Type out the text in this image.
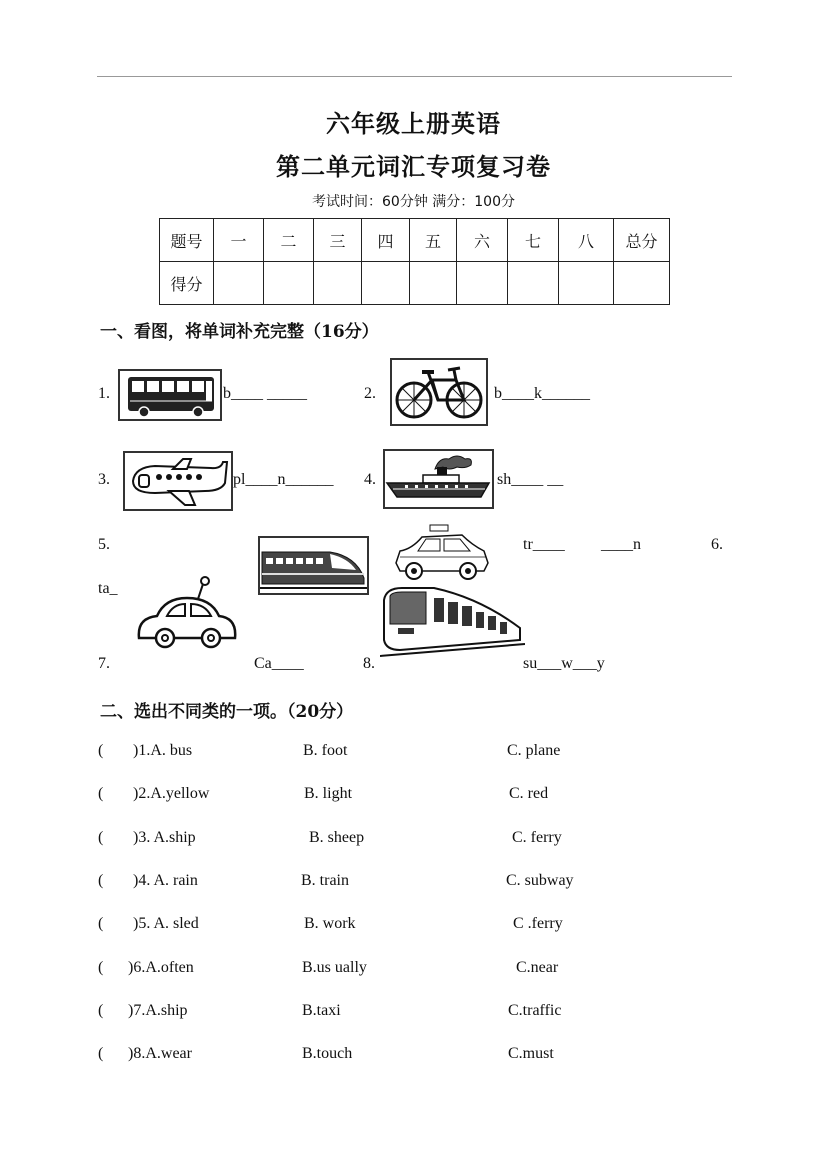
六年级上册英语
第二单元词汇专项复习卷
考试时间：60分钟 满分：100分
题号	一	二	三	四	五	六	七	八	总分
得分									
一、看图，将单词补充完整（16分）
1.	b____ _____	2.	b____k______
3.	pl____n______ 4.	sh____ __
5.	tr____ ____n	6.
ta_
7.	Ca____	8.	su___w___y
二、选出不同类的一项。（20分）
( )1.A. bus	B. foot	C. plane
( )2.A.yellow	B. light	C. red
( )3. A.ship	B. sheep	C. ferry
( )4. A. rain	B. train	C. subway
( )5. A. sled	B. work	C .ferry
( )6.A.often	B.us ually	C.near
( )7.A.ship	B.taxi	C.traffic
( )8.A.wear	B.touch	C.must
